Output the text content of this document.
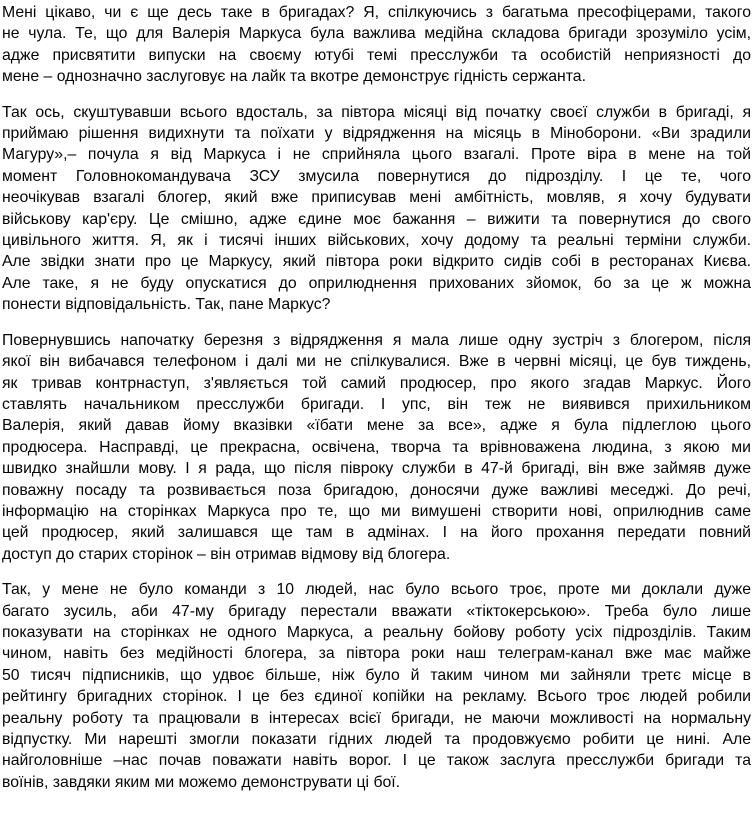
Мені цікаво, чи є ще десь таке в бригадах? Я, спілкуючись з багатьма пресофіцерами, такого
не чула. Те, що для Валерія Маркуса була важлива медійна складова бригади зрозуміло усім,
адже присвятити випуски на своєму ютубі темі пресслужби та особистій неприязності до
мене – однозначно заслуговує на лайк та вкотре демонструє гідність сержанта.

Так ось, скуштувавши всього вдосталь, за півтора місяці від початку своєї служби в бригаді, я
приймаю рішення видихнути та поїхати у відрядження на місяць в Міноборони. «Ви зрадили
Магуру»,– почула я від Маркуса і не сприйняла цього взагалі. Проте віра в мене на той
момент Головнокомандувача ЗСУ змусила повернутися до підрозділу. І це те, чого
неочікував взагалі блогер, який вже приписував мені амбітність, мовляв, я хочу будувати
військову кар'єру. Це смішно, адже єдине моє бажання – вижити та повернутися до свого
цивільного життя. Я, як і тисячі інших військових, хочу додому та реальні терміни служби.
Але звідки знати про це Маркусу, який півтора роки відкрито сидів собі в ресторанах Києва.
Але таке, я не буду опускатися до оприлюднення прихованих зйомок, бо за це ж можна
понести відповідальність. Так, пане Маркус?

Повернувшись напочатку березня з відрядження я мала лише одну зустріч з блогером, після
якої він вибачався телефоном і далі ми не спілкувалися. Вже в червні місяці, це був тиждень,
як тривав контрнаступ, з'являється той самий продюсер, про якого згадав Маркус. Його
ставлять начальником пресслужби бригади. І упс, він теж не виявився прихильником
Валерія, який давав йому вказівки «їбати мене за все», адже я була підлеглою цього
продюсера. Насправді, це прекрасна, освічена, творча та врівноважена людина, з якою ми
швидко знайшли мову. І я рада, що після півроку служби в 47-й бригаді, він вже займяв дуже
поважну посаду та розвивається поза бригадою, доносячи дуже важливі меседжі. До речі,
інформацію на сторінках Маркуса про те, що ми вимушені створити нові, оприлюднив саме
цей продюсер, який залишався ще там в адмінах. І на його прохання передати повний
доступ до старих сторінок – він отримав відмову від блогера.

Так, у мене не було команди з 10 людей, нас було всього троє, проте ми доклали дуже
багато зусиль, аби 47-му бригаду перестали вважати «тіктокерською». Треба було лише
показувати на сторінках не одного Маркуса, а реальну бойову роботу усіх підрозділів. Таким
чином, навіть без медійності блогера, за півтора роки наш телеграм-канал вже має майже
50 тисяч підписників, що удвоє більше, ніж було й таким чином ми зайняли третє місце в
рейтингу бригадних сторінок. І це без єдиної копійки на рекламу. Всього троє людей робили
реальну роботу та працювали в інтересах всієї бригади, не маючи можливості на нормальну
відпустку. Ми нарешті змогли показати гідних людей та продовжуємо робити це нині. Але
найголовніше –нас почав поважати навіть ворог. І це також заслуга пресслужби бригади та
воїнів, завдяки яким ми можемо демонструвати ці бої.
